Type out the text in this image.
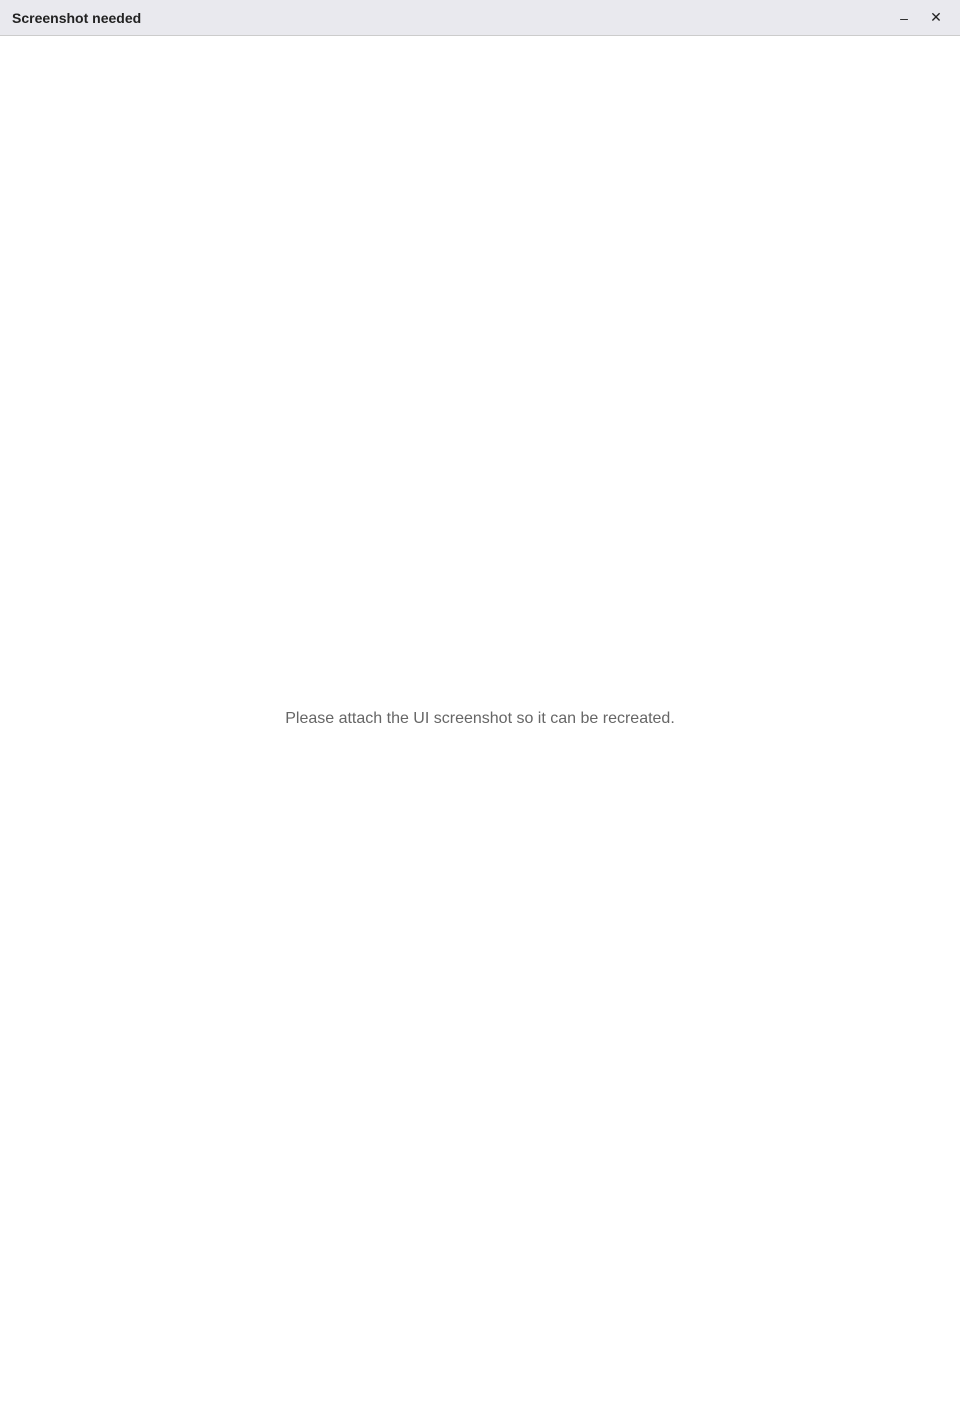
Screenshot needed	–	✕
Please attach the UI screenshot so it can be recreated.
